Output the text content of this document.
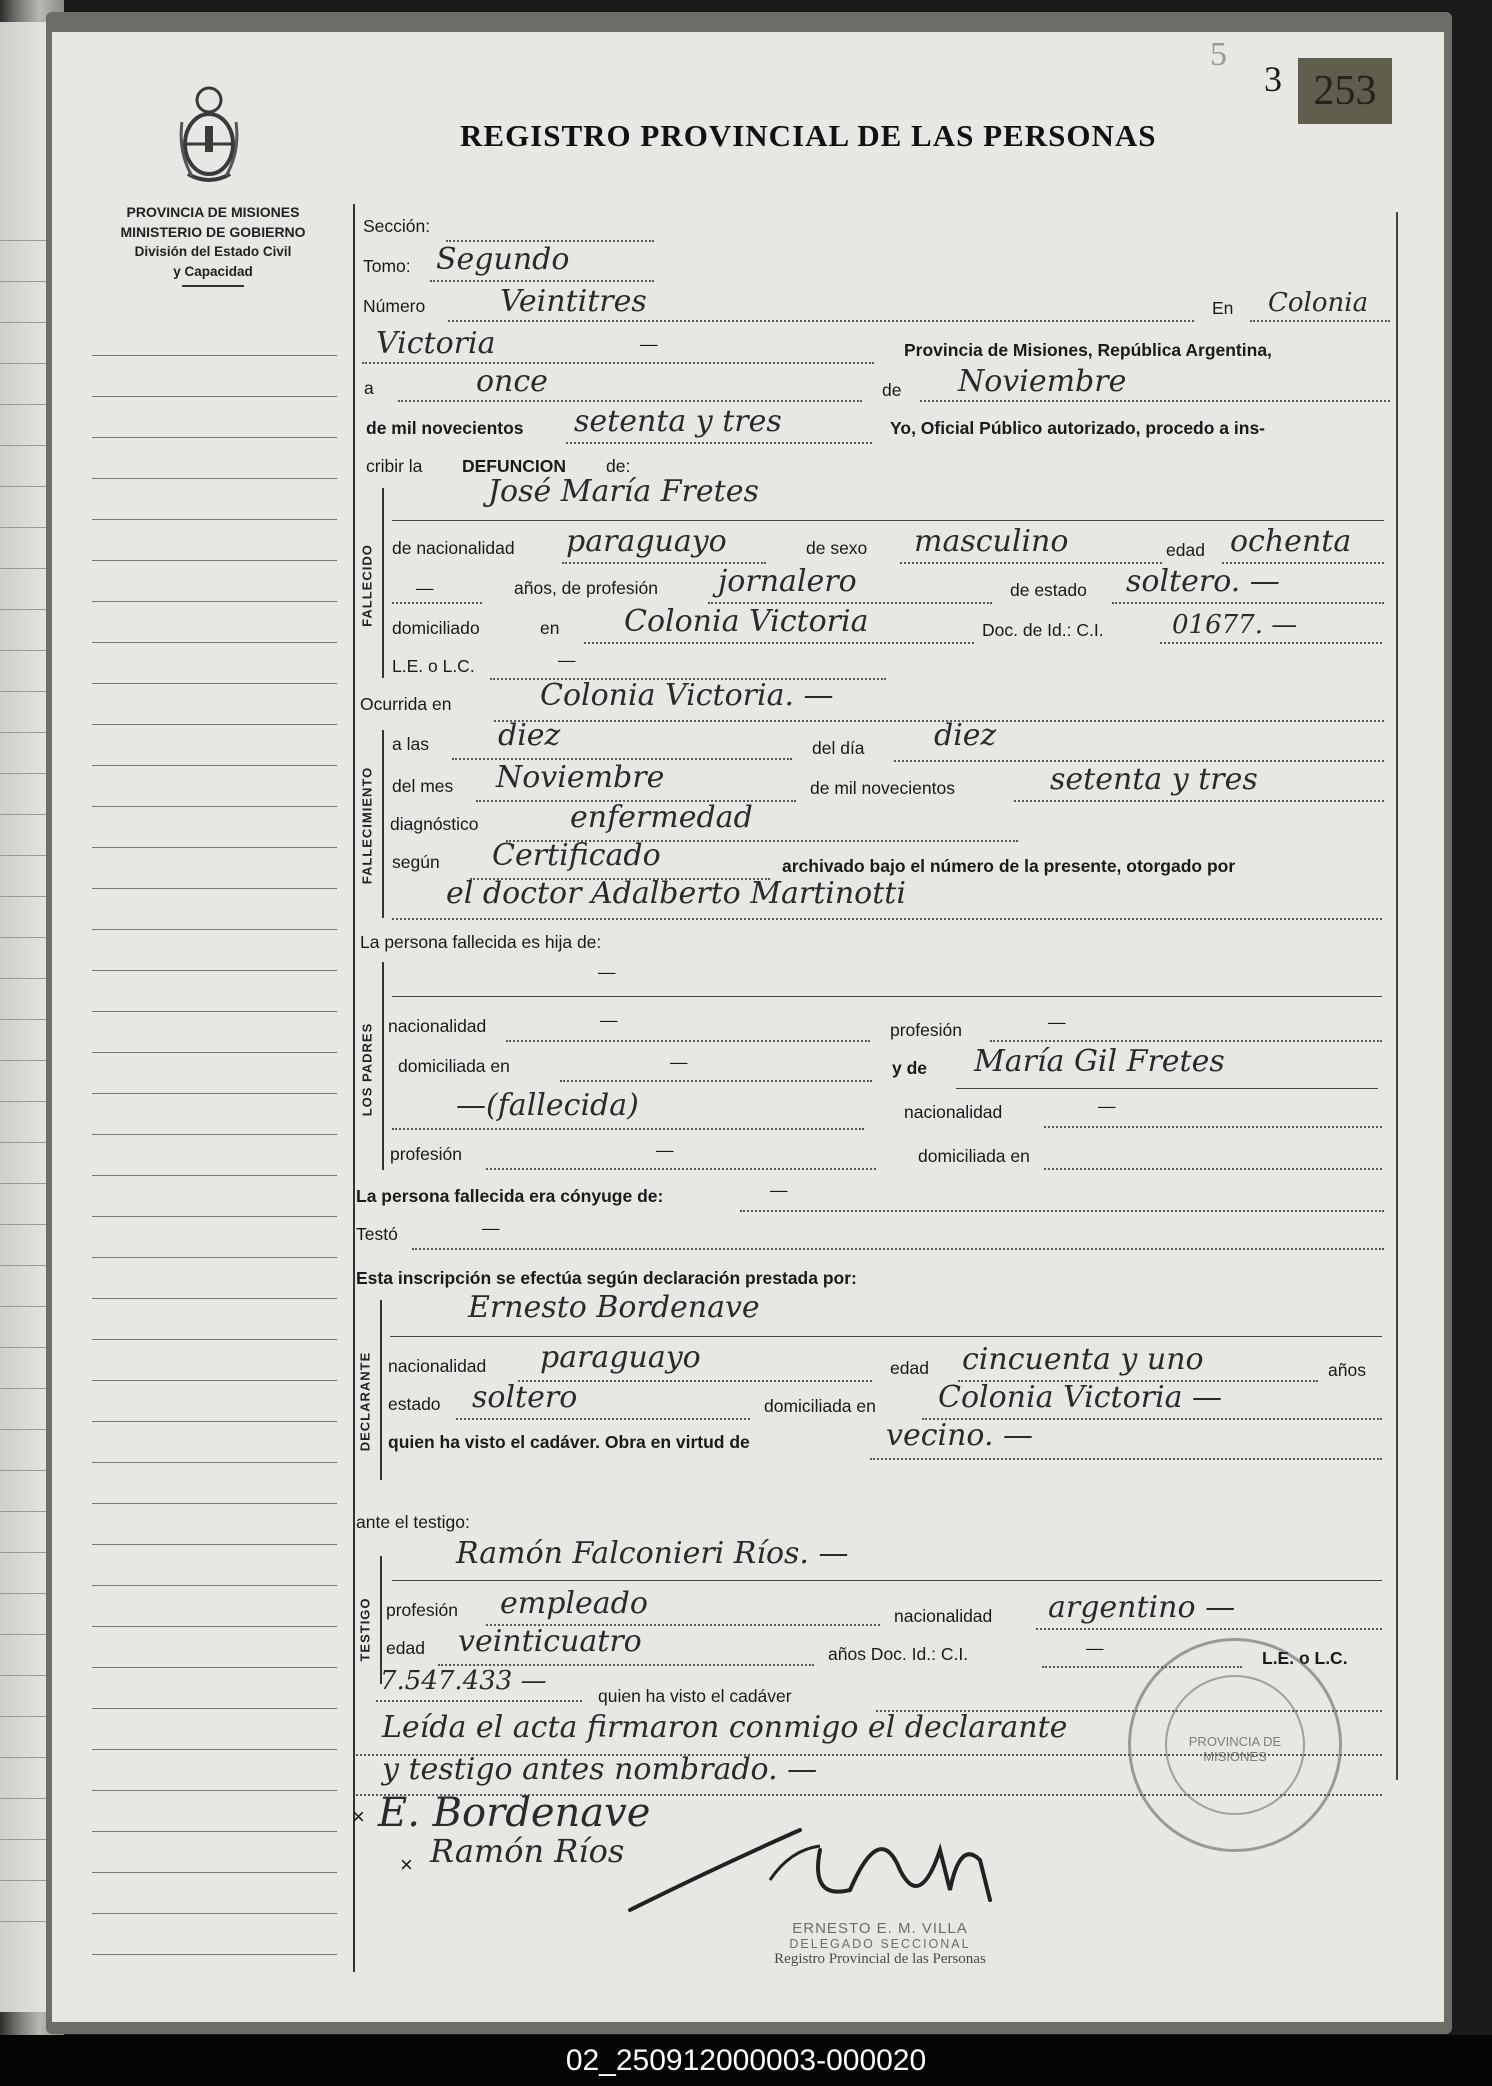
PROVINCIA DE MISIONES
MINISTERIO DE GOBIERNO
División del Estado Civil
y Capacidad
REGISTRO PROVINCIAL DE LAS PERSONAS
5
3 253
Sección:
Tomo: Segundo
Número Veintitres	En Colonia
Victoria	—	Provincia de Misiones, República Argentina,
a	once	de Noviembre
de mil novecientos setenta y tres	Yo, Oficial Público autorizado, procedo a ins-
cribir la DEFUNCION de:
FALLECIDO
José María Fretes
de nacionalidad paraguayo	de sexo masculino	edad ochenta
—	años, de profesión jornalero	de estado soltero. —
domiciliad o	en Colonia Victoria	Doc. de Id.: C.I.	01677. —
L.E. o L.C.	—
Ocurrida en	Colonia Victoria. —
FALLECIMIENTO
a las diez	del día diez
del mes Noviembre	de mil novecientos	setenta y tres
diagnóstico	enfermedad
según Certificado	archivado bajo el número de la presente, otorgado por
el doctor Adalberto Martinotti
La persona fallecida es hija de:
LOS PADRES
—
nacionalidad	—	profesión	—
domiciliada en	—	y de María Gil Fretes
—(fallecida)	nacionalidad	—
profesión	—	domiciliada en
La persona fallecida era cónyuge de:	—
Testó	—
Esta inscripción se efectúa según declaración prestada por:
DECLARANTE
Ernesto Bordenave
nacionalidad paraguayo	edad cincuenta y uno	años
estado soltero	domiciliada en Colonia Victoria —
quien ha visto el cadáver. Obra en virtud de	vecino. —
ante el testigo:
TESTIGO
Ramón Falconieri Ríos. —
profesión empleado	nacionalidad argentino —
edad veinticuatro	años Doc. Id.: C.I.	—	L.E. o L.C.
7.547.433 —	quien ha visto el cadáver
Leída el acta firmaron conmigo el declarante
y testigo antes nombrado. —
× E. Bordenave
× Ramón Ríos
PROVINCIA DE MISIONES
ERNESTO E. M. VILLA
DELEGADO SECCIONAL
Registro Provincial de las Personas
02_250912000003-000020
